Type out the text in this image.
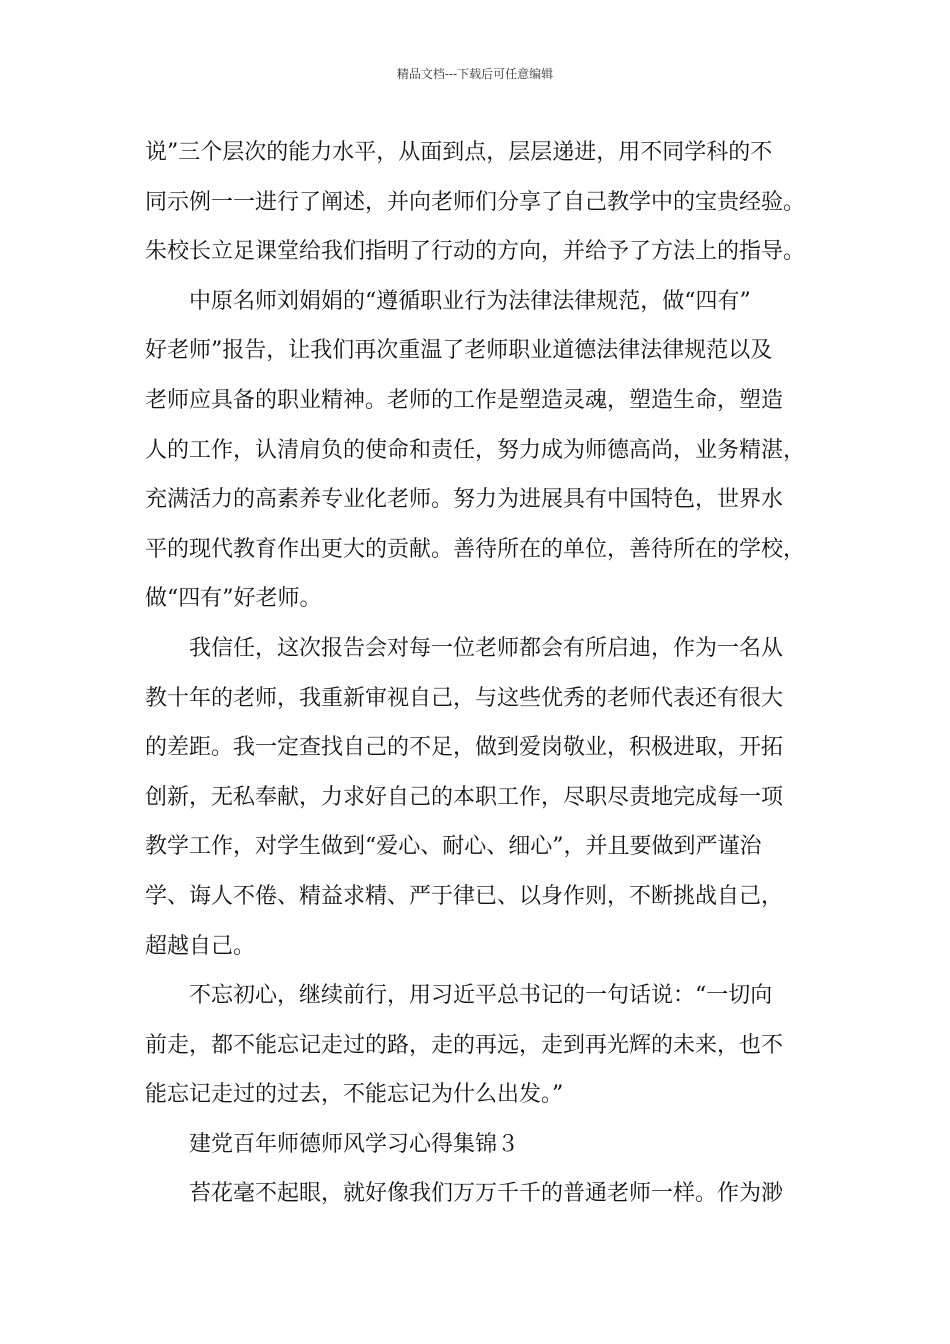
精品文档---下载后可任意编辑
说”三个层次的能力水平，从面到点，层层递进，用不同学科的不
同示例一一进行了阐述，并向老师们分享了自己教学中的宝贵经验。
朱校长立足课堂给我们指明了行动的方向，并给予了方法上的指导。
中原名师刘娟娟的“遵循职业行为法律法律规范，做“四有”
好老师”报告，让我们再次重温了老师职业道德法律法律规范以及
老师应具备的职业精神。老师的工作是塑造灵魂，塑造生命，塑造
人的工作，认清肩负的使命和责任，努力成为师德高尚，业务精湛，
充满活力的高素养专业化老师。努力为进展具有中国特色，世界水
平的现代教育作出更大的贡献。善待所在的单位，善待所在的学校，
做“四有”好老师。
我信任，这次报告会对每一位老师都会有所启迪，作为一名从
教十年的老师，我重新审视自己，与这些优秀的老师代表还有很大
的差距。我一定查找自己的不足，做到爱岗敬业，积极进取，开拓
创新，无私奉献，力求好自己的本职工作，尽职尽责地完成每一项
教学工作，对学生做到“爱心、耐心、细心”，并且要做到严谨治
学、诲人不倦、精益求精、严于律已、以身作则，不断挑战自己，
超越自己。
不忘初心，继续前行，用习近平总书记的一句话说：“一切向
前走，都不能忘记走过的路，走的再远，走到再光辉的未来，也不
能忘记走过的过去，不能忘记为什么出发。”
建党百年师德师风学习心得集锦３
苔花毫不起眼，就好像我们万万千千的普通老师一样。作为渺
